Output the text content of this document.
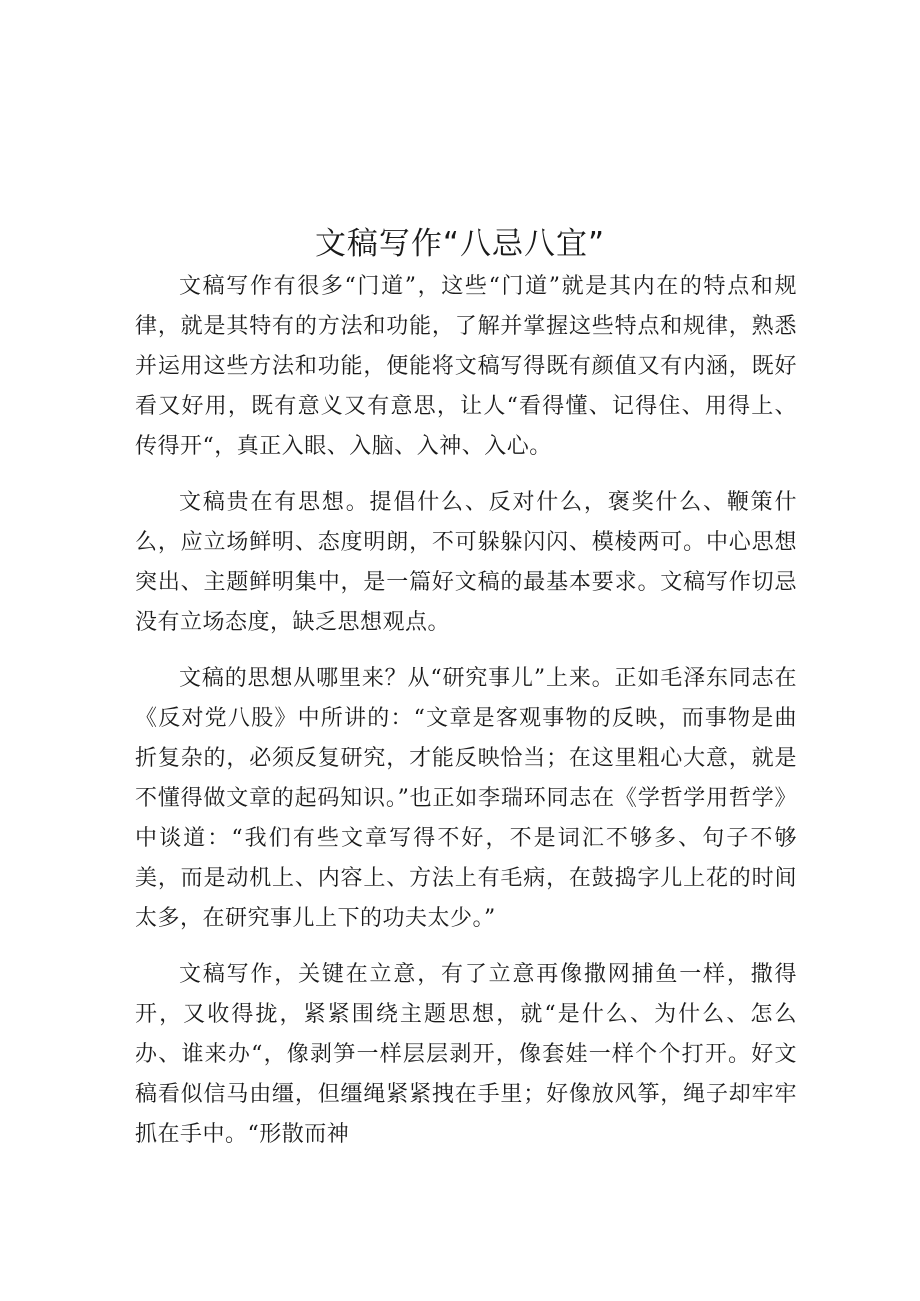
文稿写作“八忌八宜”

文稿写作有很多“门道”，这些“门道”就是其内在的特点和规律，就是其特有的方法和功能，了解并掌握这些特点和规律，熟悉并运用这些方法和功能，便能将文稿写得既有颜值又有内涵，既好看又好用，既有意义又有意思，让人“看得懂、记得住、用得上、传得开“，真正入眼、入脑、入神、入心。

文稿贵在有思想。提倡什么、反对什么，褒奖什么、鞭策什么，应立场鲜明、态度明朗，不可躲躲闪闪、模棱两可。中心思想突出、主题鲜明集中，是一篇好文稿的最基本要求。文稿写作切忌没有立场态度，缺乏思想观点。

文稿的思想从哪里来？从“研究事儿”上来。正如毛泽东同志在《反对党八股》中所讲的：“文章是客观事物的反映，而事物是曲折复杂的，必须反复研究，才能反映恰当；在这里粗心大意，就是不懂得做文章的起码知识。”也正如李瑞环同志在《学哲学用哲学》中谈道：“我们有些文章写得不好，不是词汇不够多、句子不够美，而是动机上、内容上、方法上有毛病，在鼓捣字儿上花的时间太多，在研究事儿上下的功夫太少。”

文稿写作，关键在立意，有了立意再像撒网捕鱼一样，撒得开，又收得拢，紧紧围绕主题思想，就“是什么、为什么、怎么办、谁来办“，像剥笋一样层层剥开，像套娃一样个个打开。好文稿看似信马由缰，但缰绳紧紧拽在手里；好像放风筝，绳子却牢牢抓在手中。“形散而神
